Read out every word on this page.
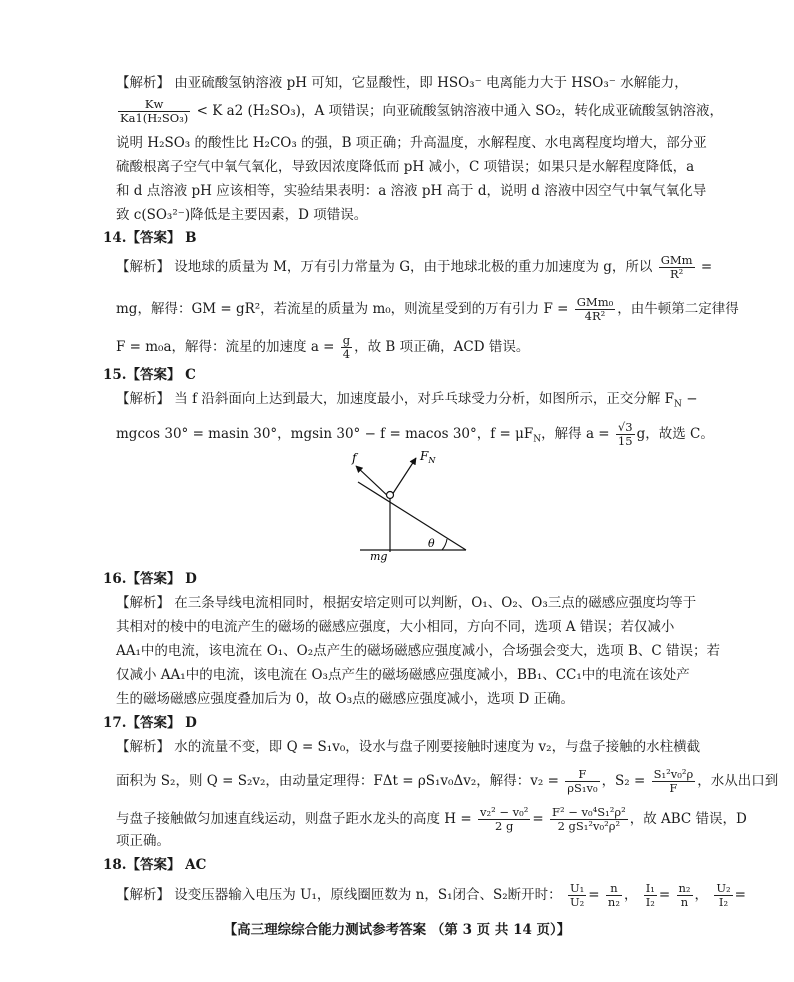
【解析】 由亚硫酸氢钠溶液 pH 可知，它显酸性，即 HSO₃⁻ 电离能力大于 HSO₃⁻ 水解能力，
$\frac{Kw}{\text{Ka1(H₂SO₃)}} < K$ a2 (H₂SO₃)，A 项错误；向亚硫酸氢钠溶液中通入 SO₂，转化成亚硫酸氢钠溶液，
说明 H₂SO₃ 的酸性比 H₂CO₃ 的强，B 项正确；升高温度，水解程度、水电离程度均增大，部分亚
硫酸根离子空气中氧气氧化，导致因浓度降低而 pH 减小，C 项错误；如果只是水解程度降低，a
和 d 点溶液 pH 应该相等，实验结果表明：a 溶液 pH 高于 d，说明 d 溶液中因空气中氧气氧化导
致 c(SO₃²⁻)降低是主要因素，D 项错误。
14.【答案】 B
【解析】 设地球的质量为 M，万有引力常量为 G，由于地球北极的重力加速度为 g，所以 $\frac{\text{GMm}}{\text{R²}}$ =
mg，解得：GM = gR²，若流星的质量为 m₀，则流星受到的万有引力 $F = \frac{\text{GMm₀}}{\text{4R²}}$ ，由牛顿第二定律得
F = m₀a，解得：流星的加速度 $a = \frac{g}{4}$ ，故 B 项正确，ACD 错误。
15.【答案】 C
【解析】 当 f 沿斜面向上达到最大，加速度最小，对乒乓球受力分析，如图所示，正交分解 $F_N$ −
mgcos 30° = masin 30°，mgsin 30° − f = macos 30°，$f = \mu F_N$，解得 $a = \frac{√3}{15}$ g，故选 C。
f	$F_N$
mg
θ
16.【答案】 D
【解析】 在三条导线电流相同时，根据安培定则可以判断，O₁、O₂、O₃三点的磁感应强度均等于
其相对的棱中的电流产生的磁场的磁感应强度，大小相同，方向不同，选项 A 错误；若仅减小
AA₁中的电流，该电流在 O₁、O₂点产生的磁场磁感应强度减小，合场强会变大，选项 B、C 错误；若
仅减小 AA₁中的电流，该电流在 O₃点产生的磁场磁感应强度减小，BB₁、CC₁中的电流在该处产
生的磁场磁感应强度叠加后为 0，故 O₃点的磁感应强度减小，选项 D 正确。
17.【答案】 D
【解析】 水的流量不变，即 Q = S₁v₀，设水与盘子刚要接触时速度为 v₂，与盘子接触的水柱横截
面积为 S₂，则 Q = S₂v₂，由动量定理得：FΔt = ρS₁v₀Δv₂，解得：$v_2 = \frac{F}{\text{ρS₁v₀}}$ ，$S_2 = \frac{\text{S₁²v₀²ρ}}{F}$ ，水从出口到
与盘子接触做匀加速直线运动，则盘子距水龙头的高度 $H = \frac{\text{v₂² − v₀²}}{2 g} = \frac{\text{F² − v₀⁴S₁²ρ²}}{\text{2 gS₁²v₀²ρ²}}$ ，故 ABC 错误，D
项正确。
18.【答案】 AC
【解析】 设变压器输入电压为 U₁，原线圈匝数为 n，S₁闭合、S₂断开时： $\frac{\text{U₁}}{\text{U₂}} = \frac{n}{\text{n₂}}$ ， $\frac{\text{I₁}}{\text{I₂}} = \frac{\text{n₂}}{n}$ ， $\frac{\text{U₂}}{\text{I₂}}$ =
【高三理综综合能力测试参考答案 （第 3 页 共 14 页）】
